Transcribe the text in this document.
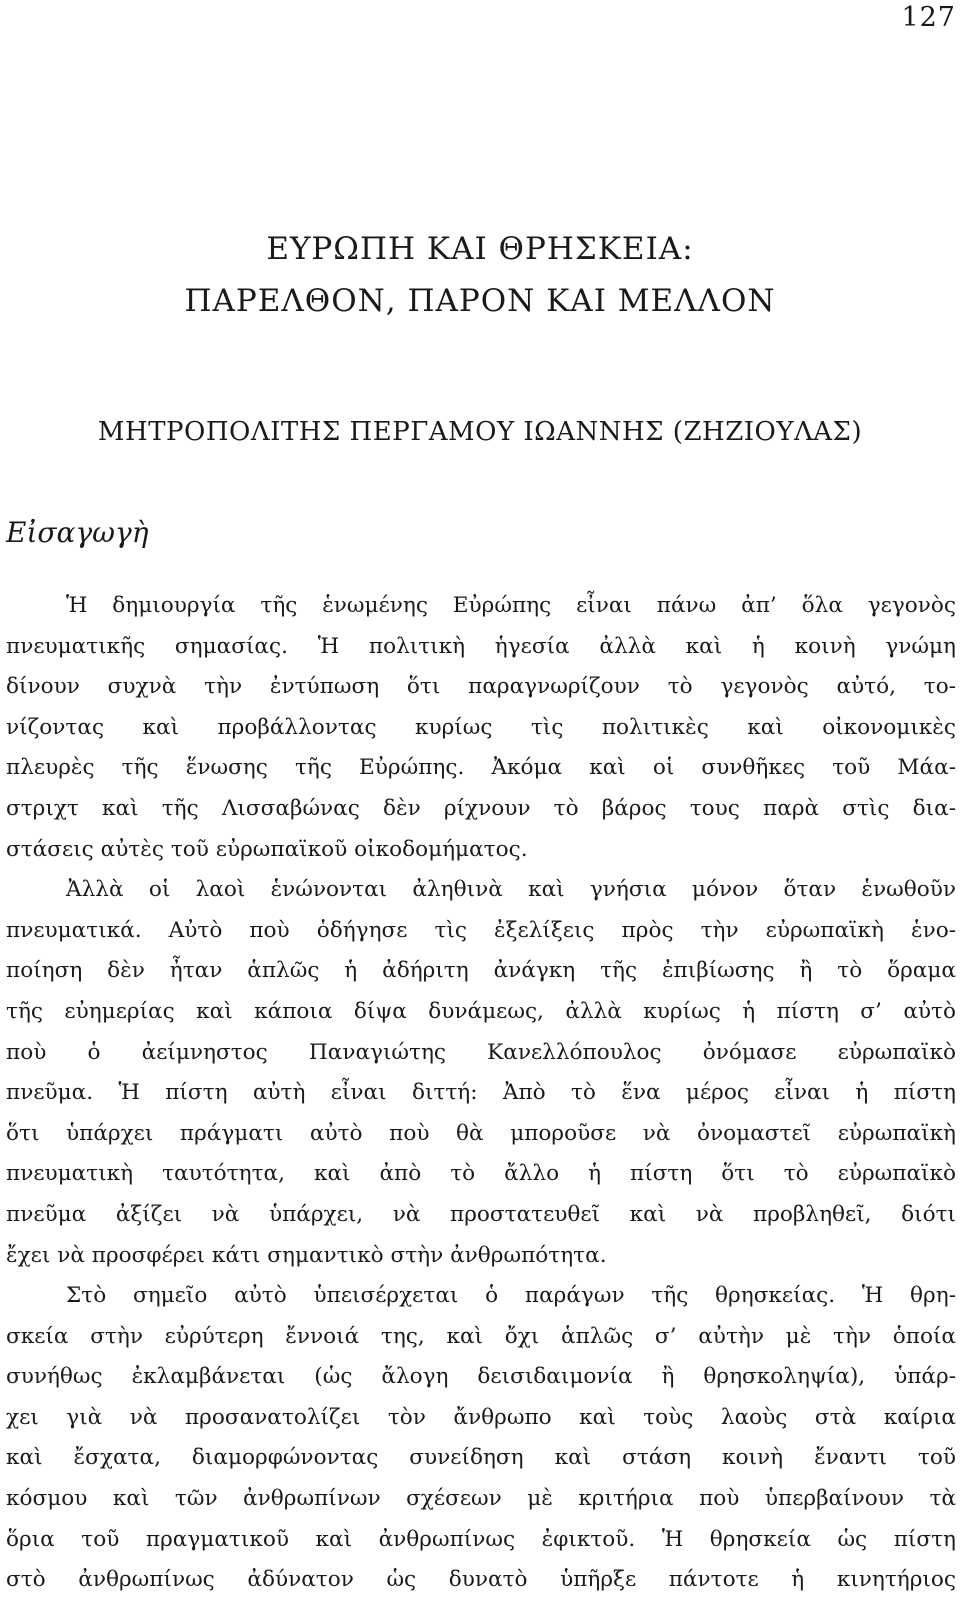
127
ΕΥΡΩΠΗ ΚΑΙ ΘΡΗΣΚΕΙΑ:
ΠΑΡΕΛΘΟΝ, ΠΑΡΟΝ ΚΑΙ ΜΕΛΛΟΝ
ΜΗΤΡΟΠΟΛΙΤΗΣ ΠΕΡΓΑΜΟΥ ΙΩΑΝΝΗΣ (ΖΗΖΙΟΥΛΑΣ)
Εἰσαγωγὴ
Ἡ δημιουργία τῆς ἑνωμένης Εὐρώπης εἶναι πάνω ἀπ’ ὅλα γεγονὸς
πνευματικῆς σημασίας. Ἡ πολιτικὴ ἡγεσία ἀλλὰ καὶ ἡ κοινὴ γνώμη
δίνουν συχνὰ τὴν ἐντύπωση ὅτι παραγνωρίζουν τὸ γεγονὸς αὐτό, το-
νίζοντας καὶ προβάλλοντας κυρίως τὶς πολιτικὲς καὶ οἰκονομικὲς
πλευρὲς τῆς ἕνωσης τῆς Εὐρώπης. Ἀκόμα καὶ οἱ συνθῆκες τοῦ Μάα-
στριχτ καὶ τῆς Λισσαβώνας δὲν ρίχνουν τὸ βάρος τους παρὰ στὶς δια-
στάσεις αὐτὲς τοῦ εὐρωπαϊκοῦ οἰκοδομήματος.
Ἀλλὰ οἱ λαοὶ ἑνώνονται ἀληθινὰ καὶ γνήσια μόνον ὅταν ἑνωθοῦν
πνευματικά. Αὐτὸ ποὺ ὁδήγησε τὶς ἐξελίξεις πρὸς τὴν εὐρωπαϊκὴ ἑνο-
ποίηση δὲν ἦταν ἁπλῶς ἡ ἀδήριτη ἀνάγκη τῆς ἐπιβίωσης ἢ τὸ ὅραμα
τῆς εὐημερίας καὶ κάποια δίψα δυνάμεως, ἀλλὰ κυρίως ἡ πίστη σ’ αὐτὸ
ποὺ ὁ ἀείμνηστος Παναγιώτης Κανελλόπουλος ὀνόμασε εὐρωπαϊκὸ
πνεῦμα. Ἡ πίστη αὐτὴ εἶναι διττή: Ἀπὸ τὸ ἕνα μέρος εἶναι ἡ πίστη
ὅτι ὑπάρχει πράγματι αὐτὸ ποὺ θὰ μποροῦσε νὰ ὀνομαστεῖ εὐρωπαϊκὴ
πνευματικὴ ταυτότητα, καὶ ἀπὸ τὸ ἄλλο ἡ πίστη ὅτι τὸ εὐρωπαϊκὸ
πνεῦμα ἀξίζει νὰ ὑπάρχει, νὰ προστατευθεῖ καὶ νὰ προβληθεῖ, διότι
ἔχει νὰ προσφέρει κάτι σημαντικὸ στὴν ἀνθρωπότητα.
Στὸ σημεῖο αὐτὸ ὑπεισέρχεται ὁ παράγων τῆς θρησκείας. Ἡ θρη-
σκεία στὴν εὐρύτερη ἔννοιά της, καὶ ὄχι ἁπλῶς σ’ αὐτὴν μὲ τὴν ὁποία
συνήθως ἐκλαμβάνεται (ὡς ἄλογη δεισιδαιμονία ἢ θρησκοληψία), ὑπάρ-
χει γιὰ νὰ προσανατολίζει τὸν ἄνθρωπο καὶ τοὺς λαοὺς στὰ καίρια
καὶ ἔσχατα, διαμορφώνοντας συνείδηση καὶ στάση κοινὴ ἔναντι τοῦ
κόσμου καὶ τῶν ἀνθρωπίνων σχέσεων μὲ κριτήρια ποὺ ὑπερβαίνουν τὰ
ὅρια τοῦ πραγματικοῦ καὶ ἀνθρωπίνως ἐφικτοῦ. Ἡ θρησκεία ὡς πίστη
στὸ ἀνθρωπίνως ἀδύνατον ὡς δυνατὸ ὑπῆρξε πάντοτε ἡ κινητήριος
